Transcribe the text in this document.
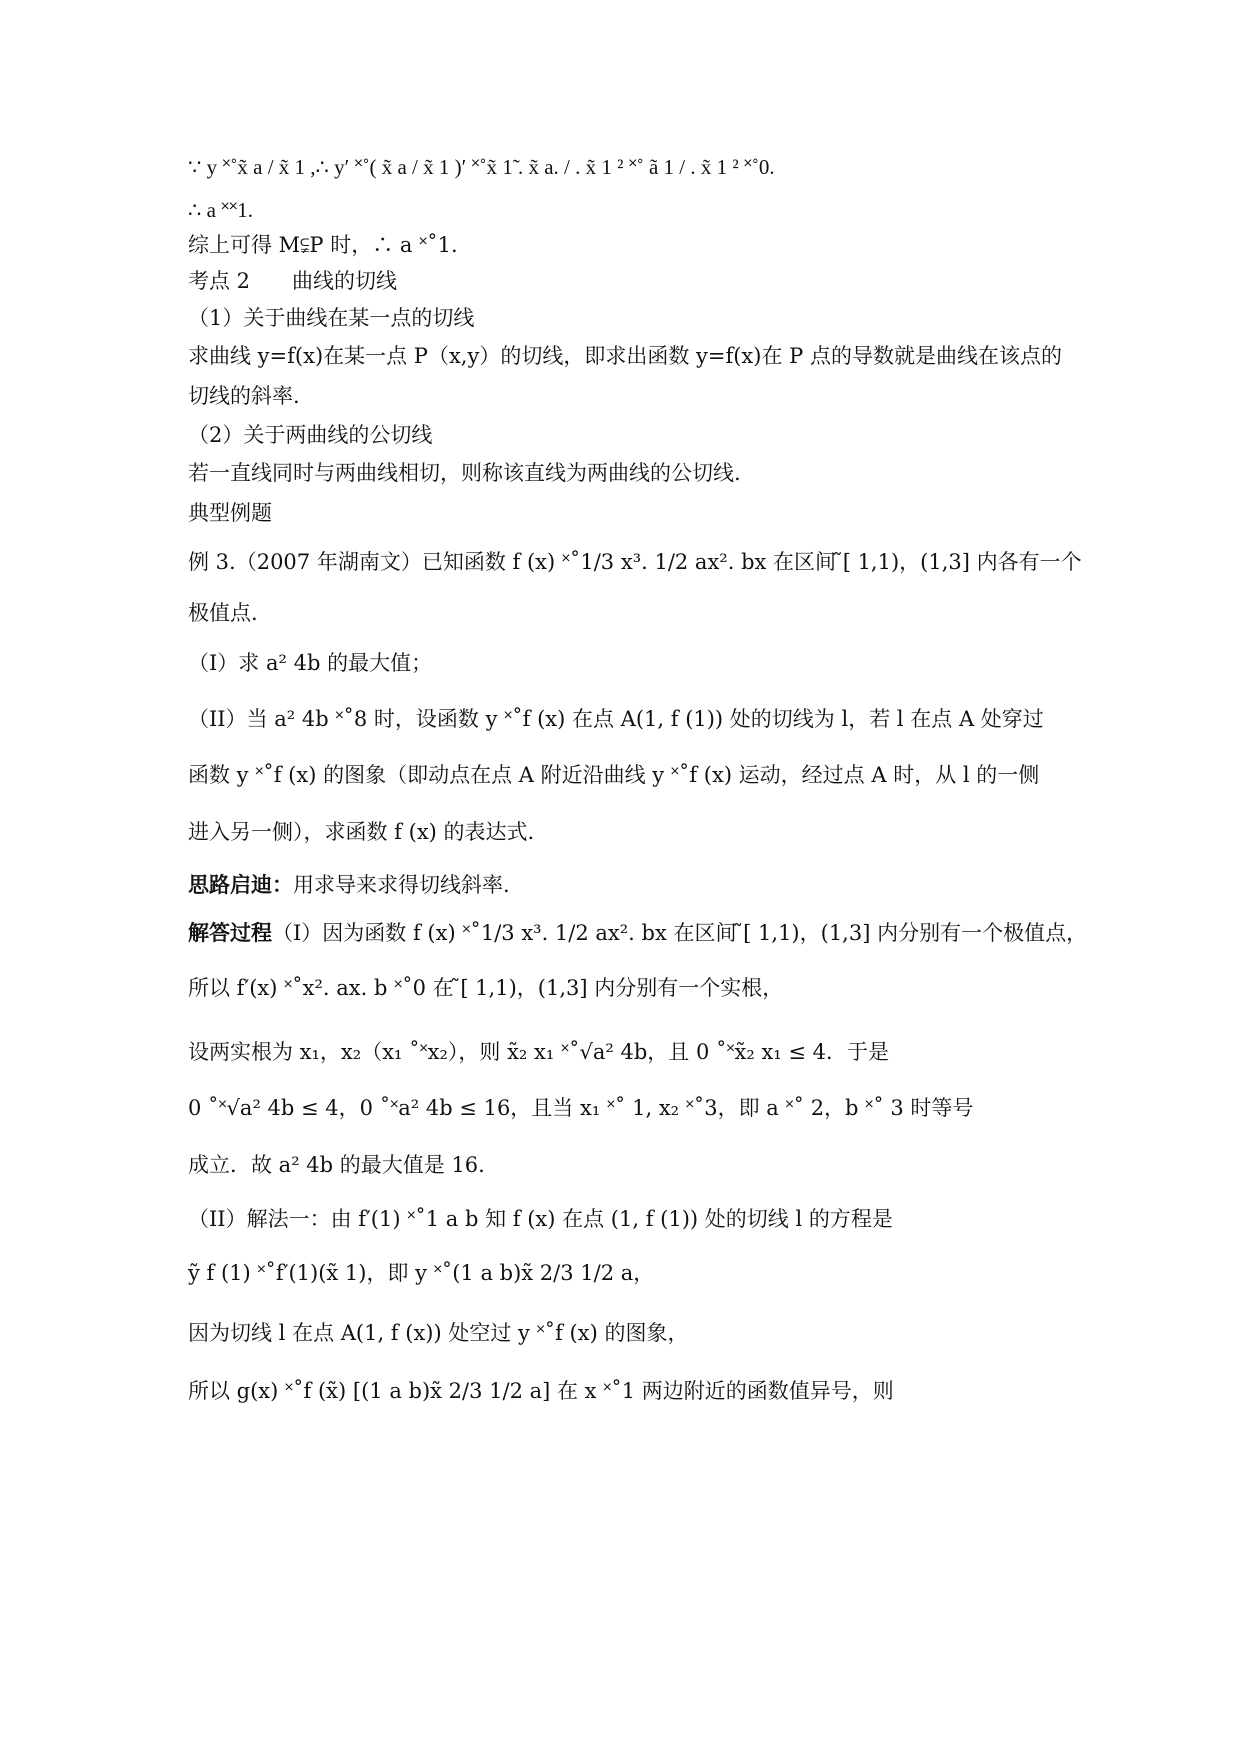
∵ y ˟˚x̃ a / x̃ 1 ,∴ y′ ˟˚( x̃ a / x̃ 1 )′ ˟˚x̃ 1̃ . x̃ a. / . x̃ 1 ² ˟˚ ã 1 / . x̃ 1 ² ˟˚0.
∴ a ˟˟1.
综上可得 M⫋P 时，∴ a ˟˚1.
考点 2　　曲线的切线
（1）关于曲线在某一点的切线
求曲线 y=f(x)在某一点 P（x,y）的切线，即求出函数 y=f(x)在 P 点的导数就是曲线在该点的
切线的斜率.
（2）关于两曲线的公切线
若一直线同时与两曲线相切，则称该直线为两曲线的公切线.
典型例题
例 3.（2007 年湖南文）已知函数 f (x) ˟˚1/3 x³. 1/2 ax². bx 在区间 ̃[ 1,1)，(1,3] 内各有一个
极值点.
（I）求 a² 4b 的最大值；
（II）当 a² 4b ˟˚8 时，设函数 y ˟˚f (x) 在点 A(1, f (1)) 处的切线为 l，若 l 在点 A 处穿过
函数 y ˟˚f (x) 的图象（即动点在点 A 附近沿曲线 y ˟˚f (x) 运动，经过点 A 时，从 l 的一侧
进入另一侧），求函数 f (x) 的表达式.
思路启迪：用求导来求得切线斜率.
解答过程（I）因为函数 f (x) ˟˚1/3 x³. 1/2 ax². bx 在区间 ̃[ 1,1)，(1,3] 内分别有一个极值点，
所以 f′(x) ˟˚x². ax. b ˟˚0 在 ̃[ 1,1)，(1,3] 内分别有一个实根，
设两实根为 x₁，x₂（x₁ ˚˟x₂），则 x̃₂ x₁ ˟˚√a² 4b，且 0 ˚˟x̃₂ x₁ ≤ 4．于是
0 ˚˟√a² 4b ≤ 4，0 ˚˟a² 4b ≤ 16，且当 x₁ ˟˚ 1, x₂ ˟˚3，即 a ˟˚ 2，b ˟˚ 3 时等号
成立．故 a² 4b 的最大值是 16.
（II）解法一：由 f′(1) ˟˚1 a b 知 f (x) 在点 (1, f (1)) 处的切线 l 的方程是
ỹ f (1) ˟˚f′(1)(x̃ 1)，即 y ˟˚(1 a b)x̃ 2/3 1/2 a，
因为切线 l 在点 A(1, f (x)) 处空过 y ˟˚f (x) 的图象，
所以 g(x) ˟˚f (x̃) [(1 a b)x̃ 2/3 1/2 a] 在 x ˟˚1 两边附近的函数值异号，则
